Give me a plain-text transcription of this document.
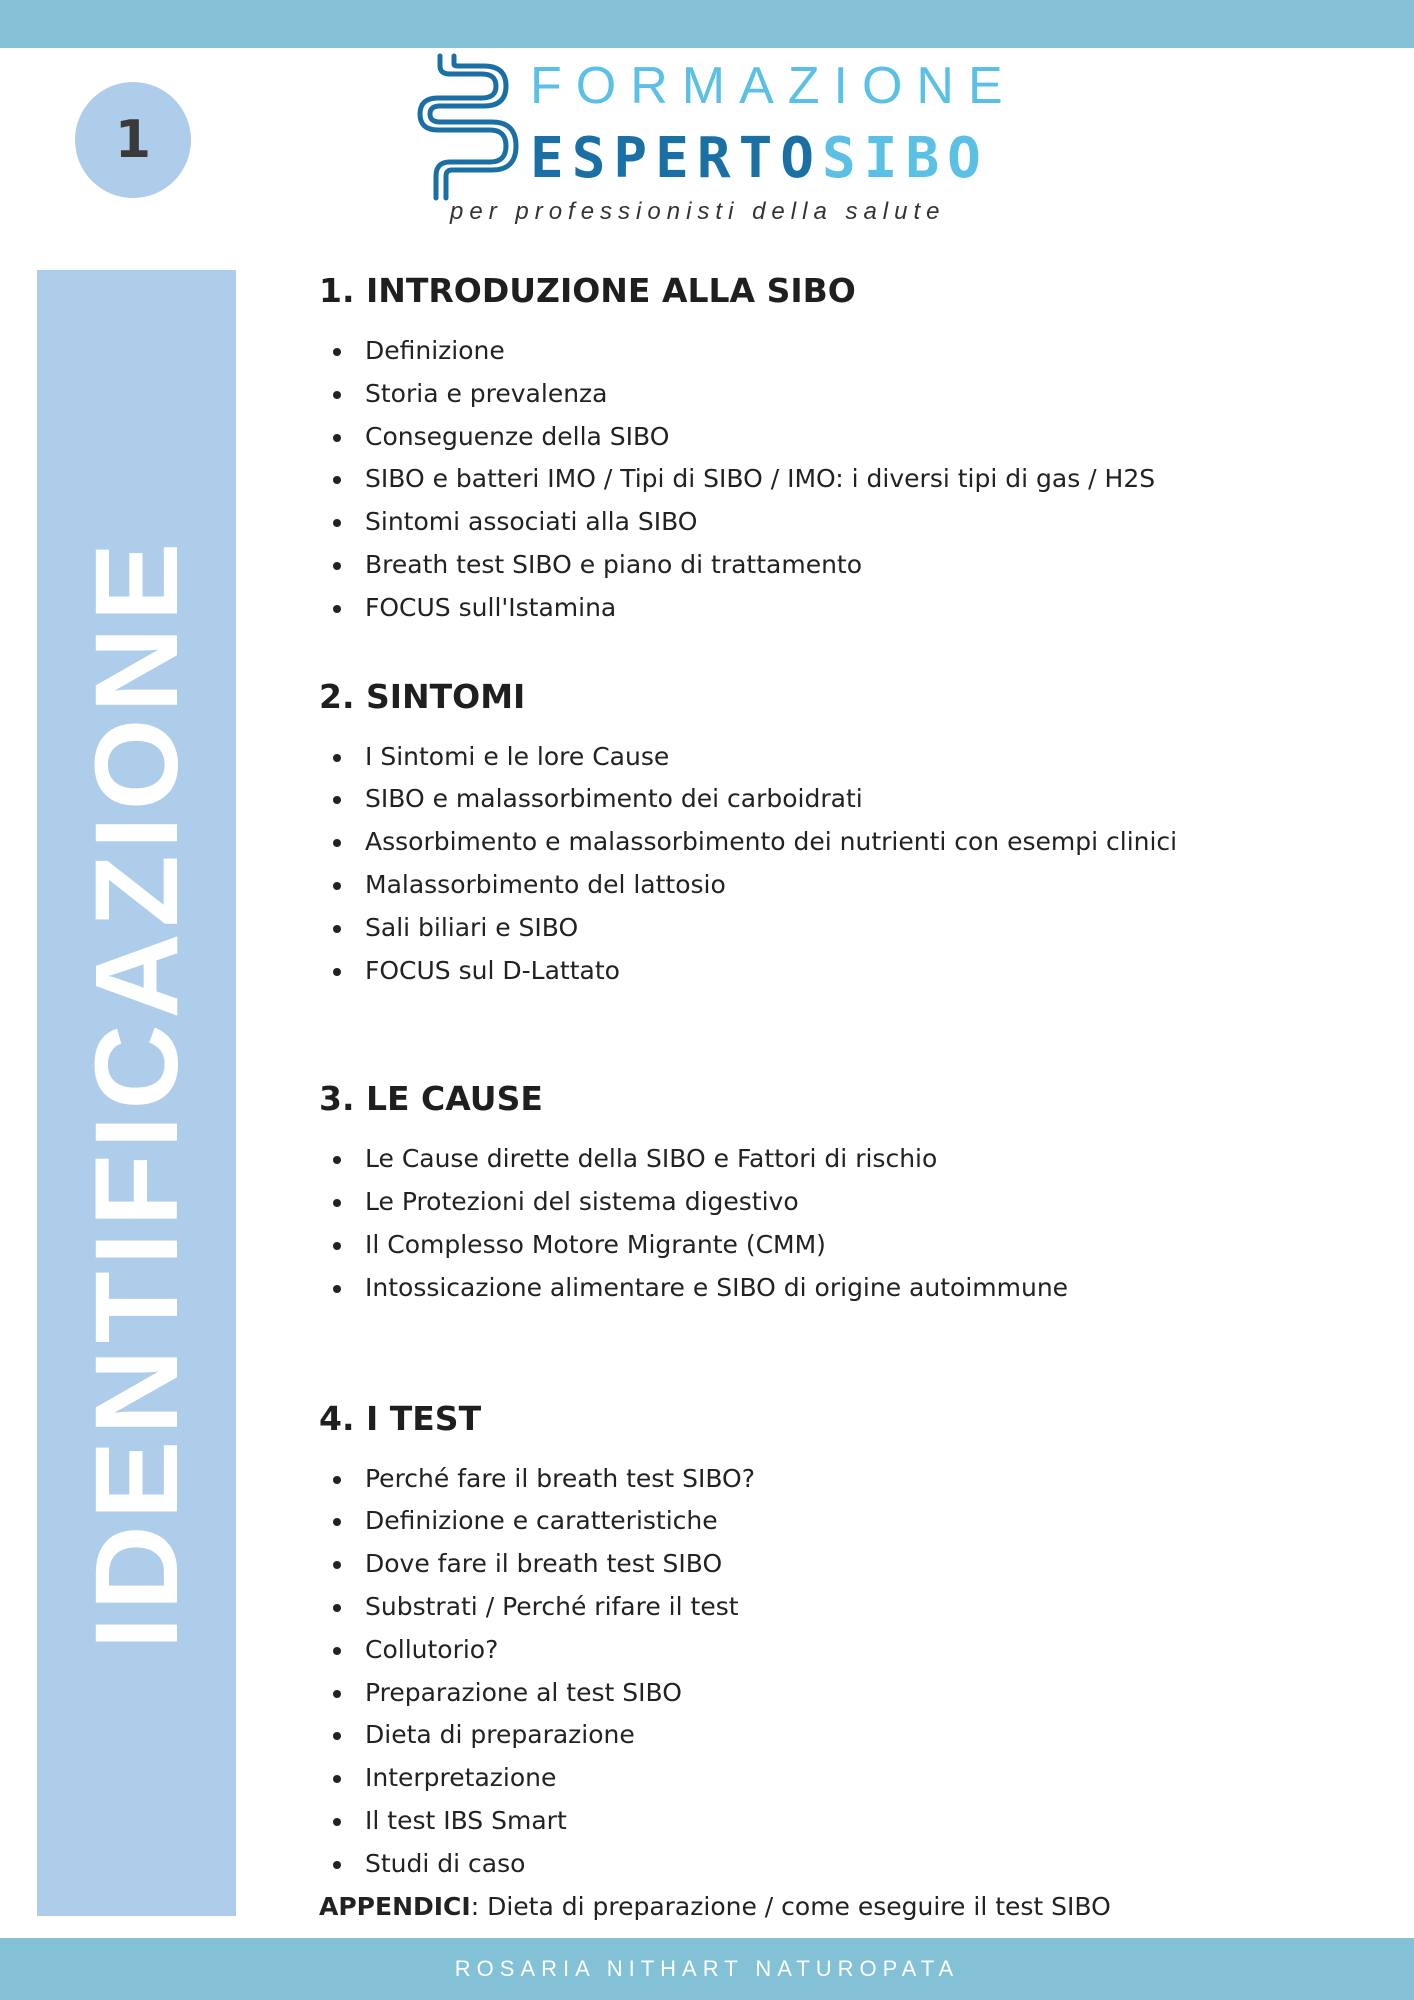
1
FORMAZIONE
ESPERTOSIBO
per professionisti della salute
IDENTIFICAZIONE
1. INTRODUZIONE ALLA SIBO
Definizione
Storia e prevalenza
Conseguenze della SIBO
SIBO e batteri IMO / Tipi di SIBO / IMO: i diversi tipi di gas / H2S
Sintomi associati alla SIBO
Breath test SIBO e piano di trattamento
FOCUS sull'Istamina
2. SINTOMI
I Sintomi e le lore Cause
SIBO e malassorbimento dei carboidrati
Assorbimento e malassorbimento dei nutrienti con esempi clinici
Malassorbimento del lattosio
Sali biliari e SIBO
FOCUS sul D-Lattato
3. LE CAUSE
Le Cause dirette della SIBO e Fattori di rischio
Le Protezioni del sistema digestivo
Il Complesso Motore Migrante (CMM)
Intossicazione alimentare e SIBO di origine autoimmune
4. I TEST
Perché fare il breath test SIBO?
Definizione e caratteristiche
Dove fare il breath test SIBO
Substrati / Perché rifare il test
Collutorio?
Preparazione al test SIBO
Dieta di preparazione
Interpretazione
Il test IBS Smart
Studi di caso
APPENDICI: Dieta di preparazione / come eseguire il test SIBO
ROSARIA NITHART NATUROPATA
